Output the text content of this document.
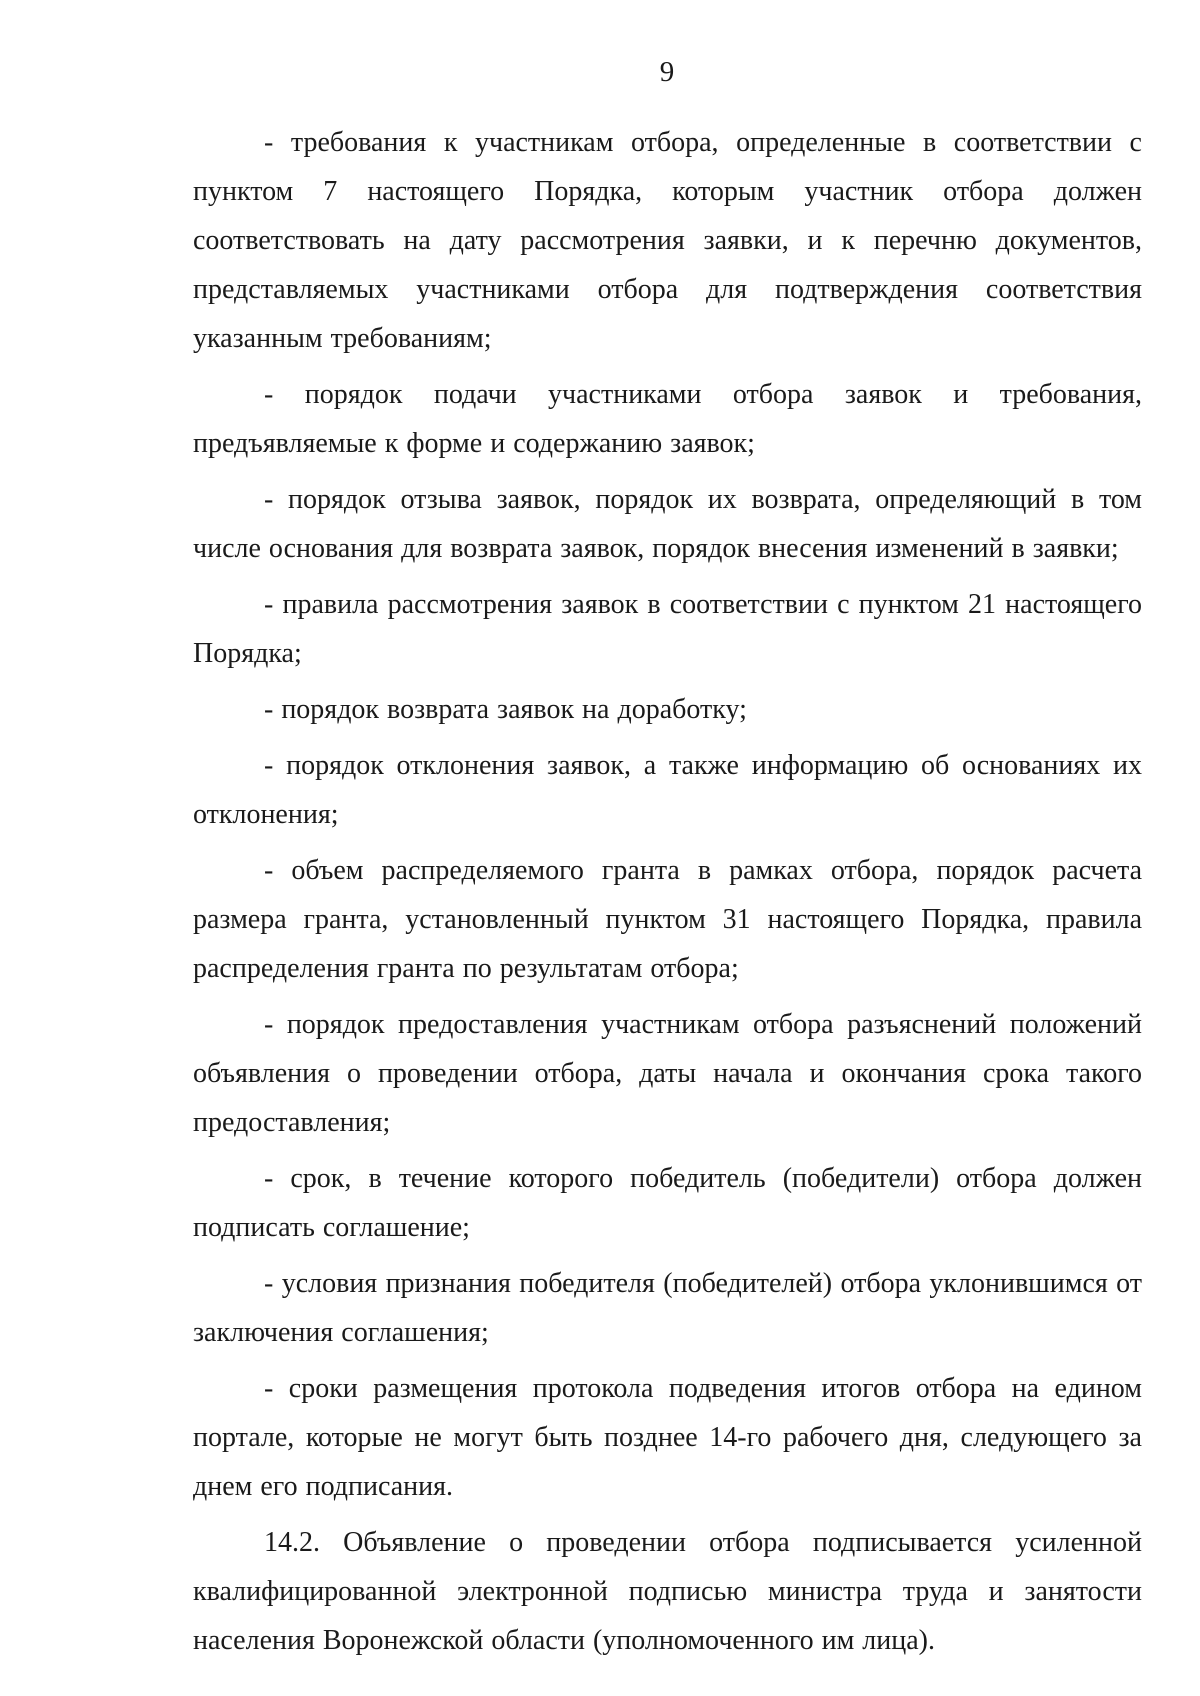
9

- требования к участникам отбора, определенные в соответствии с пунктом 7 настоящего Порядка, которым участник отбора должен соответствовать на дату рассмотрения заявки, и к перечню документов, представляемых участниками отбора для подтверждения соответствия указанным требованиям;

- порядок подачи участниками отбора заявок и требования, предъявляемые к форме и содержанию заявок;

- порядок отзыва заявок, порядок их возврата, определяющий в том числе основания для возврата заявок, порядок внесения изменений в заявки;

- правила рассмотрения заявок в соответствии с пунктом 21 настоящего Порядка;

- порядок возврата заявок на доработку;

- порядок отклонения заявок, а также информацию об основаниях их отклонения;

- объем распределяемого гранта в рамках отбора, порядок расчета размера гранта, установленный пунктом 31 настоящего Порядка, правила распределения гранта по результатам отбора;

- порядок предоставления участникам отбора разъяснений положений объявления о проведении отбора, даты начала и окончания срока такого предоставления;

- срок, в течение которого победитель (победители) отбора должен подписать соглашение;

- условия признания победителя (победителей) отбора уклонившимся от заключения соглашения;

- сроки размещения протокола подведения итогов отбора на едином портале, которые не могут быть позднее 14-го рабочего дня, следующего за днем его подписания.

14.2. Объявление о проведении отбора подписывается усиленной квалифицированной электронной подписью министра труда и занятости населения Воронежской области (уполномоченного им лица).
